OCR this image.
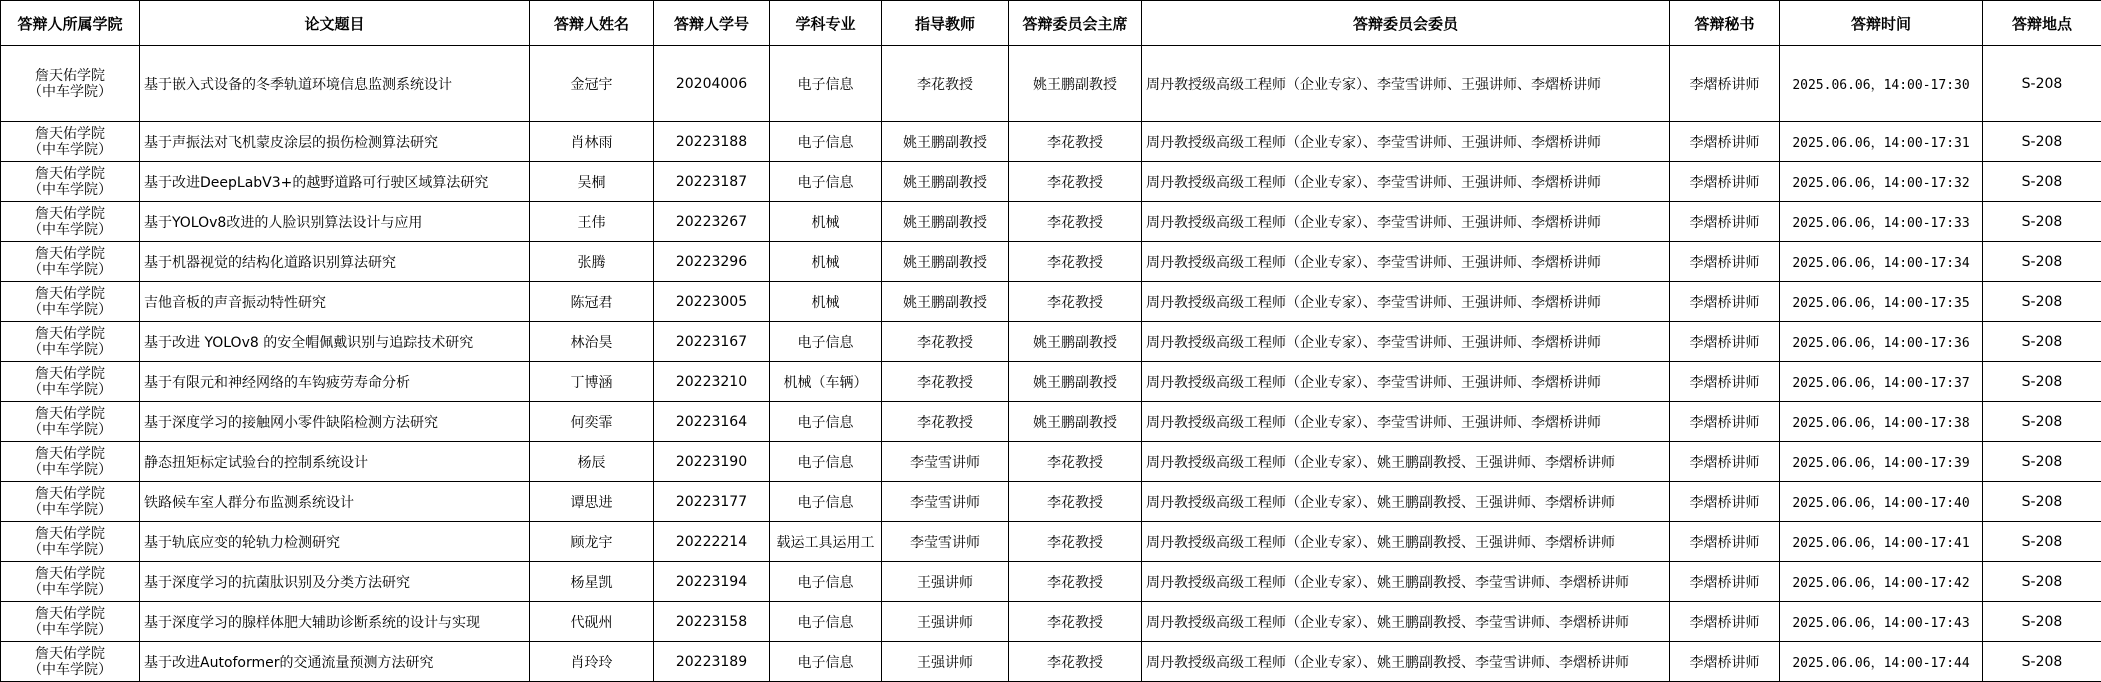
答辩人所属学院	论文题目	答辩人姓名	答辩人学号	学科专业	指导教师	答辩委员会主席	答辩委员会委员	答辩秘书	答辩时间	答辩地点
詹天佑学院
（中车学院）	基于嵌入式设备的冬季轨道环境信息监测系统设计	金冠宇	20204006	电子信息	李花教授	姚王鹏副教授	周丹教授级高级工程师（企业专家）、李莹雪讲师、王强讲师、李熠桥讲师	李熠桥讲师	2025.06.06，14:00-17:30	S-208
詹天佑学院
（中车学院）	基于声振法对飞机蒙皮涂层的损伤检测算法研究	肖林雨	20223188	电子信息	姚王鹏副教授	李花教授	周丹教授级高级工程师（企业专家）、李莹雪讲师、王强讲师、李熠桥讲师	李熠桥讲师	2025.06.06，14:00-17:31	S-208
詹天佑学院
（中车学院）	基于改进DeepLabV3+的越野道路可行驶区域算法研究	吴桐	20223187	电子信息	姚王鹏副教授	李花教授	周丹教授级高级工程师（企业专家）、李莹雪讲师、王强讲师、李熠桥讲师	李熠桥讲师	2025.06.06，14:00-17:32	S-208
詹天佑学院
（中车学院）	基于YOLOv8改进的人脸识别算法设计与应用	王伟	20223267	机械	姚王鹏副教授	李花教授	周丹教授级高级工程师（企业专家）、李莹雪讲师、王强讲师、李熠桥讲师	李熠桥讲师	2025.06.06，14:00-17:33	S-208
詹天佑学院
（中车学院）	基于机器视觉的结构化道路识别算法研究	张腾	20223296	机械	姚王鹏副教授	李花教授	周丹教授级高级工程师（企业专家）、李莹雪讲师、王强讲师、李熠桥讲师	李熠桥讲师	2025.06.06，14:00-17:34	S-208
詹天佑学院
（中车学院）	吉他音板的声音振动特性研究	陈冠君	20223005	机械	姚王鹏副教授	李花教授	周丹教授级高级工程师（企业专家）、李莹雪讲师、王强讲师、李熠桥讲师	李熠桥讲师	2025.06.06，14:00-17:35	S-208
詹天佑学院
（中车学院）	基于改进 YOLOv8 的安全帽佩戴识别与追踪技术研究	林治昊	20223167	电子信息	李花教授	姚王鹏副教授	周丹教授级高级工程师（企业专家）、李莹雪讲师、王强讲师、李熠桥讲师	李熠桥讲师	2025.06.06，14:00-17:36	S-208
詹天佑学院
（中车学院）	基于有限元和神经网络的车钩疲劳寿命分析	丁博涵	20223210	机械（车辆）	李花教授	姚王鹏副教授	周丹教授级高级工程师（企业专家）、李莹雪讲师、王强讲师、李熠桥讲师	李熠桥讲师	2025.06.06，14:00-17:37	S-208
詹天佑学院
（中车学院）	基于深度学习的接触网小零件缺陷检测方法研究	何奕霏	20223164	电子信息	李花教授	姚王鹏副教授	周丹教授级高级工程师（企业专家）、李莹雪讲师、王强讲师、李熠桥讲师	李熠桥讲师	2025.06.06，14:00-17:38	S-208
詹天佑学院
（中车学院）	静态扭矩标定试验台的控制系统设计	杨辰	20223190	电子信息	李莹雪讲师	李花教授	周丹教授级高级工程师（企业专家）、姚王鹏副教授、王强讲师、李熠桥讲师	李熠桥讲师	2025.06.06，14:00-17:39	S-208
詹天佑学院
（中车学院）	铁路候车室人群分布监测系统设计	谭思进	20223177	电子信息	李莹雪讲师	李花教授	周丹教授级高级工程师（企业专家）、姚王鹏副教授、王强讲师、李熠桥讲师	李熠桥讲师	2025.06.06，14:00-17:40	S-208
詹天佑学院
（中车学院）	基于轨底应变的轮轨力检测研究	顾龙宇	20222214	载运工具运用工	李莹雪讲师	李花教授	周丹教授级高级工程师（企业专家）、姚王鹏副教授、王强讲师、李熠桥讲师	李熠桥讲师	2025.06.06，14:00-17:41	S-208
詹天佑学院
（中车学院）	基于深度学习的抗菌肽识别及分类方法研究	杨星凯	20223194	电子信息	王强讲师	李花教授	周丹教授级高级工程师（企业专家）、姚王鹏副教授、李莹雪讲师、李熠桥讲师	李熠桥讲师	2025.06.06，14:00-17:42	S-208
詹天佑学院
（中车学院）	基于深度学习的腺样体肥大辅助诊断系统的设计与实现	代砚州	20223158	电子信息	王强讲师	李花教授	周丹教授级高级工程师（企业专家）、姚王鹏副教授、李莹雪讲师、李熠桥讲师	李熠桥讲师	2025.06.06，14:00-17:43	S-208
詹天佑学院
（中车学院）	基于改进Autoformer的交通流量预测方法研究	肖玲玲	20223189	电子信息	王强讲师	李花教授	周丹教授级高级工程师（企业专家）、姚王鹏副教授、李莹雪讲师、李熠桥讲师	李熠桥讲师	2025.06.06，14:00-17:44	S-208
